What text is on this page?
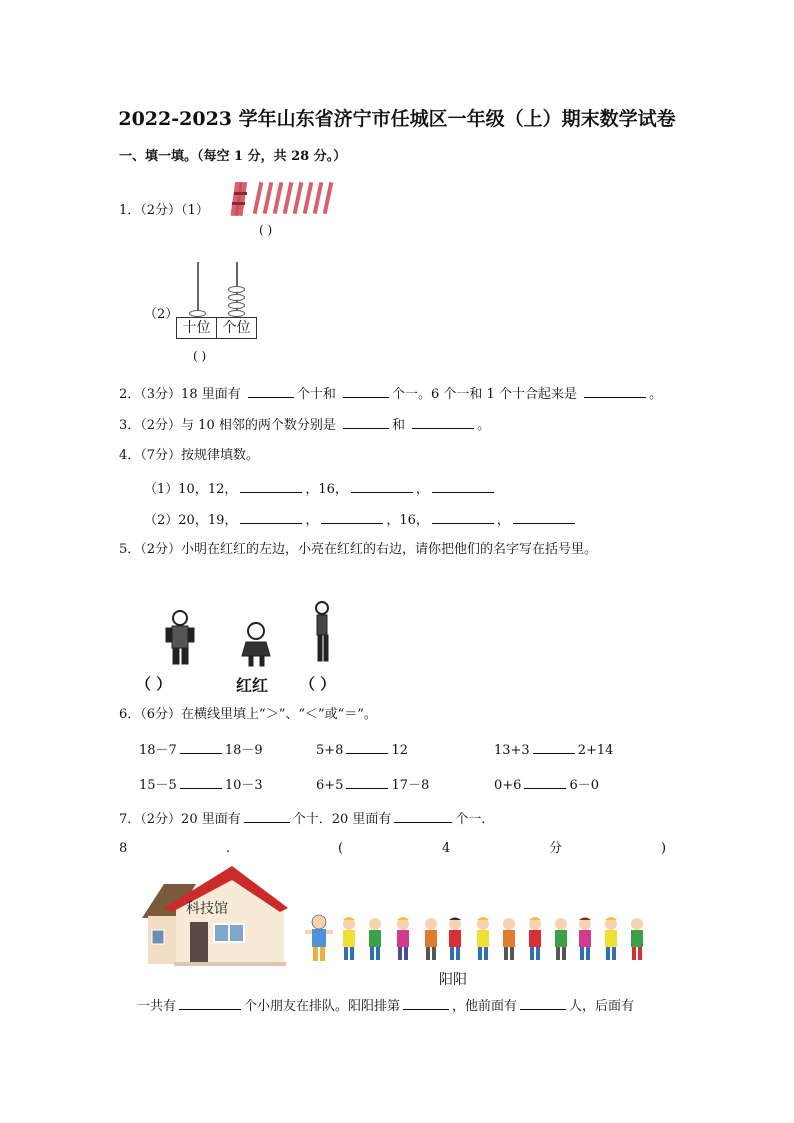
2022-2023 学年山东省济宁市任城区一年级（上）期末数学试卷
一、填一填。（每空 1 分，共 28 分。）
1．（2分）（1）
( )
（2）
十位 个位
( )
2．（3分）18 里面有	个十和	个一。6 个一和 1 个十合起来是	。
3．（2分）与 10 相邻的两个数分别是	和	。
4．（7分）按规律填数。
（1）10，12，	，16，	，
（2）20，19，	，	，16，	，
5．（2分）小明在红红的左边，小亮在红红的右边，请你把他们的名字写在括号里。
（ ）	红红 （ ）
6．（6分）在横线里填上“＞”、“＜”或“＝”。
18－7	18－9	5+8	12	13+3	2+14
15－5	10－3	6+5	17－8	0+6	6－0
7．（2分）20 里面有	个十．20 里面有	个一．
8	.	(	4	分	)
科技馆
阳阳
一共有	个小朋友在排队。阳阳排第	，他前面有	人，后面有
